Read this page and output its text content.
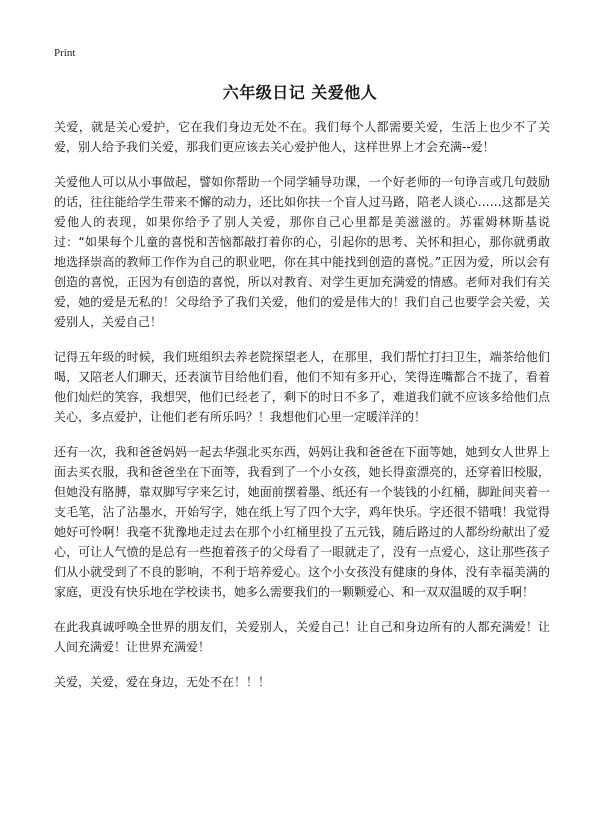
Print
六年级日记 关爱他人

关爱，就是关心爱护，它在我们身边无处不在。我们每个人都需要关爱，生活上也少不了关爱，别人给予我们关爱，那我们更应该去关心爱护他人，这样世界上才会充满--爱！

关爱他人可以从小事做起，譬如你帮助一个同学辅导功课，一个好老师的一句诤言或几句鼓励的话，往往能给学生带来不懈的动力，还比如你扶一个盲人过马路，陪老人谈心……这都是关爱他人的表现，如果你给予了别人关爱，那你自己心里都是美滋滋的。苏霍姆林斯基说过：“如果每个儿童的喜悦和苦恼都敲打着你的心，引起你的思考、关怀和担心，那你就勇敢地选择崇高的教师工作作为自己的职业吧，你在其中能找到创造的喜悦。”正因为爱，所以会有创造的喜悦，正因为有创造的喜悦，所以对教育、对学生更加充满爱的情感。老师对我们有关爱，她的爱是无私的！父母给予了我们关爱，他们的爱是伟大的！我们自己也要学会关爱，关爱别人，关爱自己！

记得五年级的时候，我们班组织去养老院探望老人，在那里，我们帮忙打扫卫生，端茶给他们喝，又陪老人们聊天，还表演节目给他们看，他们不知有多开心，笑得连嘴都合不拢了，看着他们灿烂的笑容，我想哭，他们已经老了，剩下的时日不多了，难道我们就不应该多给他们点关心，多点爱护，让他们老有所乐吗？！我想他们心里一定暖洋洋的！

还有一次，我和爸爸妈妈一起去华强北买东西，妈妈让我和爸爸在下面等她，她到女人世界上面去买衣服，我和爸爸坐在下面等，我看到了一个小女孩，她长得蛮漂亮的，还穿着旧校服，但她没有胳膊，靠双脚写字来乞讨，她面前摆着墨、纸还有一个装钱的小红桶，脚趾间夹着一支毛笔，沾了沾墨水，开始写字，她在纸上写了四个大字，鸡年快乐。字还很不错哦！我觉得她好可怜啊！我毫不犹豫地走过去在那个小红桶里投了五元钱，随后路过的人都纷纷献出了爱心，可让人气愤的是总有一些抱着孩子的父母看了一眼就走了，没有一点爱心，这让那些孩子们从小就受到了不良的影响，不利于培养爱心。这个小女孩没有健康的身体，没有幸福美满的家庭，更没有快乐地在学校读书，她多么需要我们的一颗颗爱心、和一双双温暖的双手啊！

在此我真诚呼唤全世界的朋友们，关爱别人，关爱自己！让自己和身边所有的人都充满爱！让人间充满爱！让世界充满爱！

关爱，关爱，爱在身边，无处不在！！！
